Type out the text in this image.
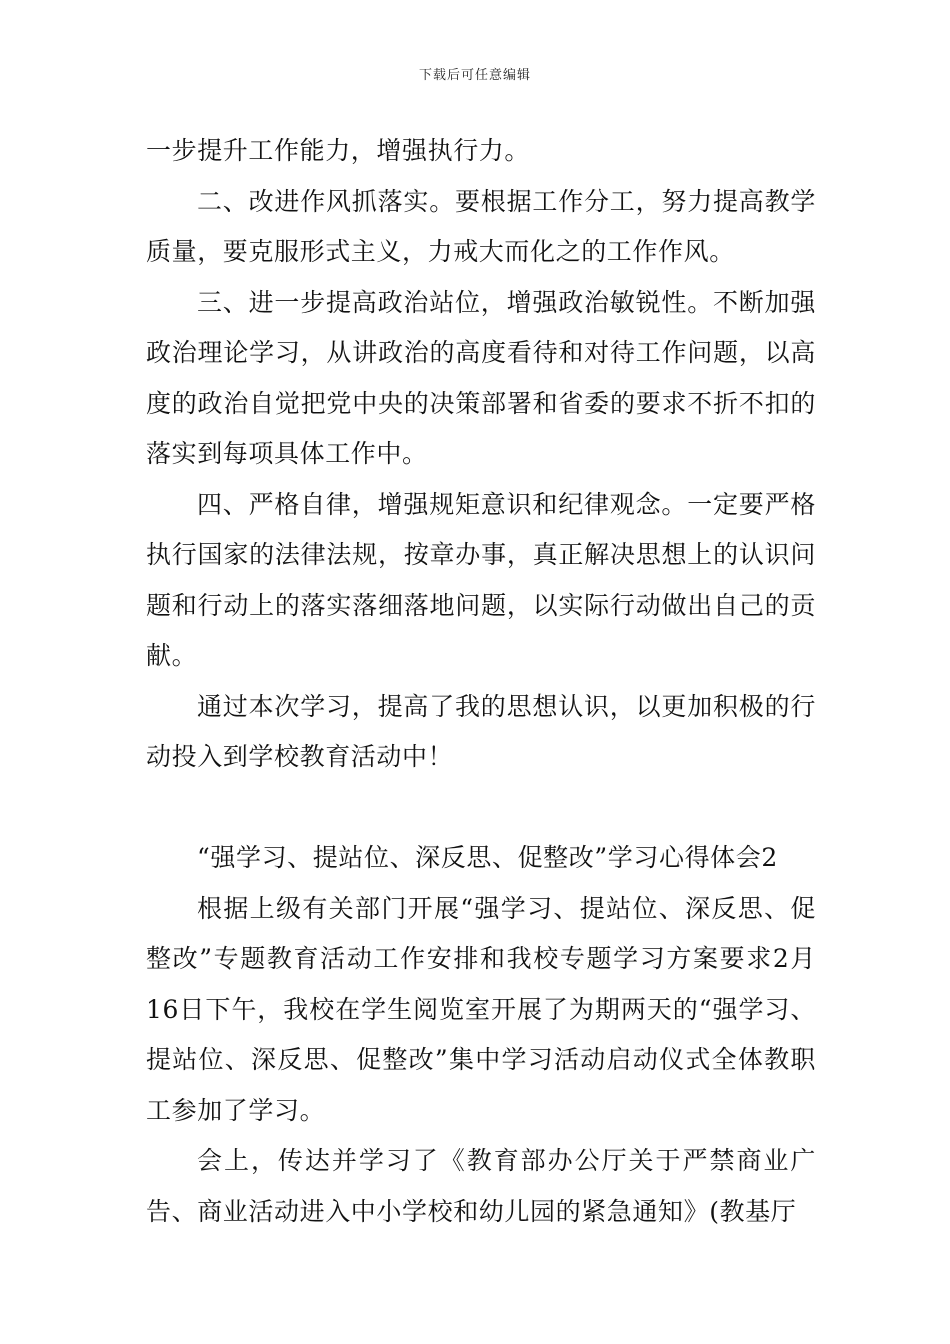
下载后可任意编辑

一步提升工作能力，增强执行力。

二、改进作风抓落实。要根据工作分工，努力提高教学质量，要克服形式主义，力戒大而化之的工作作风。

三、进一步提高政治站位，增强政治敏锐性。不断加强政治理论学习，从讲政治的高度看待和对待工作问题，以高度的政治自觉把党中央的决策部署和省委的要求不折不扣的落实到每项具体工作中。

四、严格自律，增强规矩意识和纪律观念。一定要严格执行国家的法律法规，按章办事，真正解决思想上的认识问题和行动上的落实落细落地问题，以实际行动做出自己的贡献。

通过本次学习，提高了我的思想认识，以更加积极的行动投入到学校教育活动中！

“强学习、提站位、深反思、促整改”学习心得体会2

根据上级有关部门开展“强学习、提站位、深反思、促整改”专题教育活动工作安排和我校专题学习方案要求2月16日下午，我校在学生阅览室开展了为期两天的“强学习、提站位、深反思、促整改”集中学习活动启动仪式全体教职工参加了学习。

会上，传达并学习了《教育部办公厅关于严禁商业广告、商业活动进入中小学校和幼儿园的紧急通知》(教基厅
